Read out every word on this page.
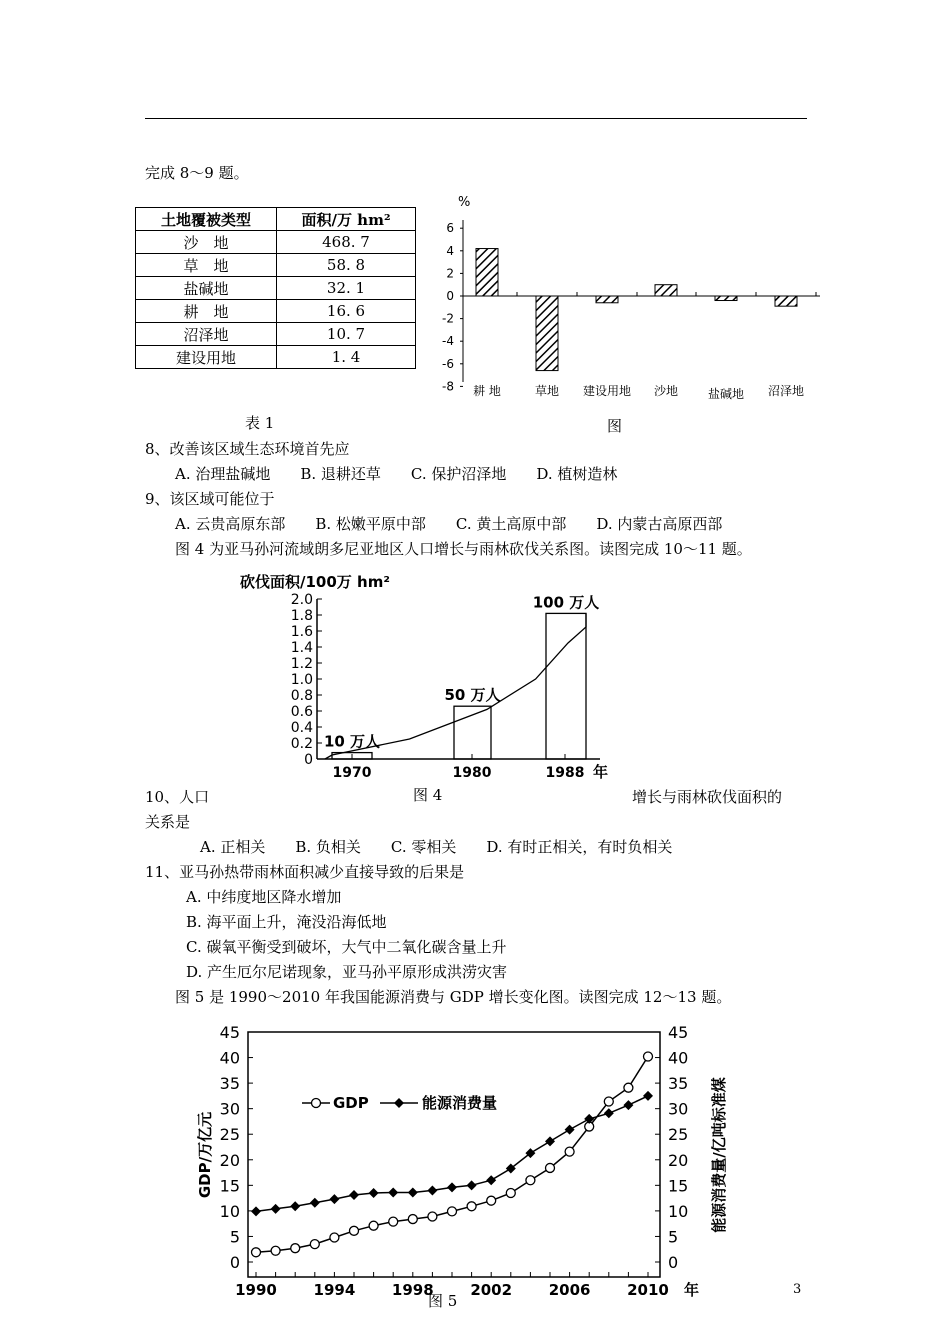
完成 8～9 题。
土地覆被类型	面积/万 hm²
沙　地	468. 7
草　地	58. 8
盐碱地	32. 1
耕　地	16. 6
沼泽地	10. 7
建设用地	1. 4
表 1
%
6
4
2
0
-2
-4
-6
-8 耕 地	草地 建设用地 沙地 盐碱地 沼泽地
图
8、改善该区域生态环境首先应
A. 治理盐碱地　　B. 退耕还草　　C. 保护沼泽地　　D. 植树造林
9、该区域可能位于
A. 云贵高原东部　　B. 松嫩平原中部　　C. 黄土高原中部　　D. 内蒙古高原西部
图 4 为亚马孙河流域朗多尼亚地区人口增长与雨林砍伐关系图。读图完成 10～11 题。
砍伐面积/100万 hm²
2.0
1.8
1.6
1.4
1.2
1.0
0.8
0.6
0.4
0.2
0
10 万人
50 万人
100 万人
1970	1980	1988 年
10、人口	图 4	增长与雨林砍伐面积的
关系是
A. 正相关　　B. 负相关　　C. 零相关　　D. 有时正相关，有时负相关
11、亚马孙热带雨林面积减少直接导致的后果是
A. 中纬度地区降水增加
B. 海平面上升，淹没沿海低地
C. 碳氧平衡受到破坏，大气中二氧化碳含量上升
D. 产生厄尔尼诺现象，亚马孙平原形成洪涝灾害
图 5 是 1990～2010 年我国能源消费与 GDP 增长变化图。读图完成 12～13 题。
45	45
40	40
35	35
30	30
25	25
20	20
15	15
10	10
5	5
0	0
1990 1994 1998 2002 2006 2010 年
GDP/万亿元	能源消费量/亿吨标准煤
GDP	能源消费量
图 5
3
